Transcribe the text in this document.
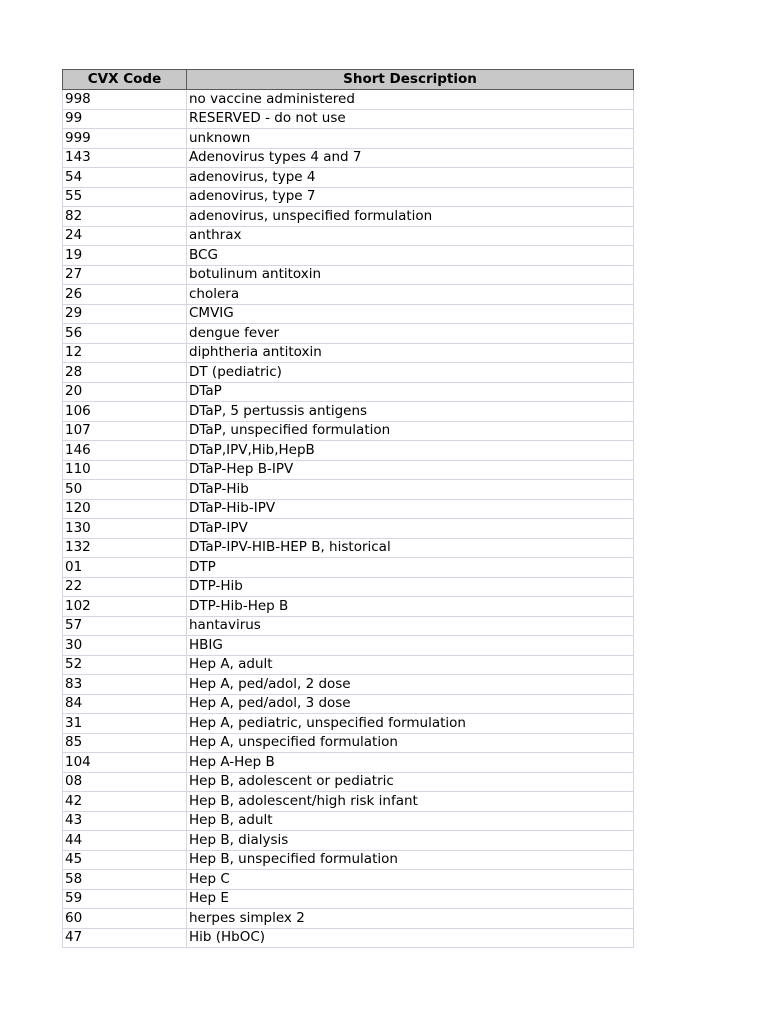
CVX Code	Short Description
998	no vaccine administered
99	RESERVED - do not use
999	unknown
143	Adenovirus types 4 and 7
54	adenovirus, type 4
55	adenovirus, type 7
82	adenovirus, unspecified formulation
24	anthrax
19	BCG
27	botulinum antitoxin
26	cholera
29	CMVIG
56	dengue fever
12	diphtheria antitoxin
28	DT (pediatric)
20	DTaP
106	DTaP, 5 pertussis antigens
107	DTaP, unspecified formulation
146	DTaP,IPV,Hib,HepB
110	DTaP-Hep B-IPV
50	DTaP-Hib
120	DTaP-Hib-IPV
130	DTaP-IPV
132	DTaP-IPV-HIB-HEP B, historical
01	DTP
22	DTP-Hib
102	DTP-Hib-Hep B
57	hantavirus
30	HBIG
52	Hep A, adult
83	Hep A, ped/adol, 2 dose
84	Hep A, ped/adol, 3 dose
31	Hep A, pediatric, unspecified formulation
85	Hep A, unspecified formulation
104	Hep A-Hep B
08	Hep B, adolescent or pediatric
42	Hep B, adolescent/high risk infant
43	Hep B, adult
44	Hep B, dialysis
45	Hep B, unspecified formulation
58	Hep C
59	Hep E
60	herpes simplex 2
47	Hib (HbOC)
